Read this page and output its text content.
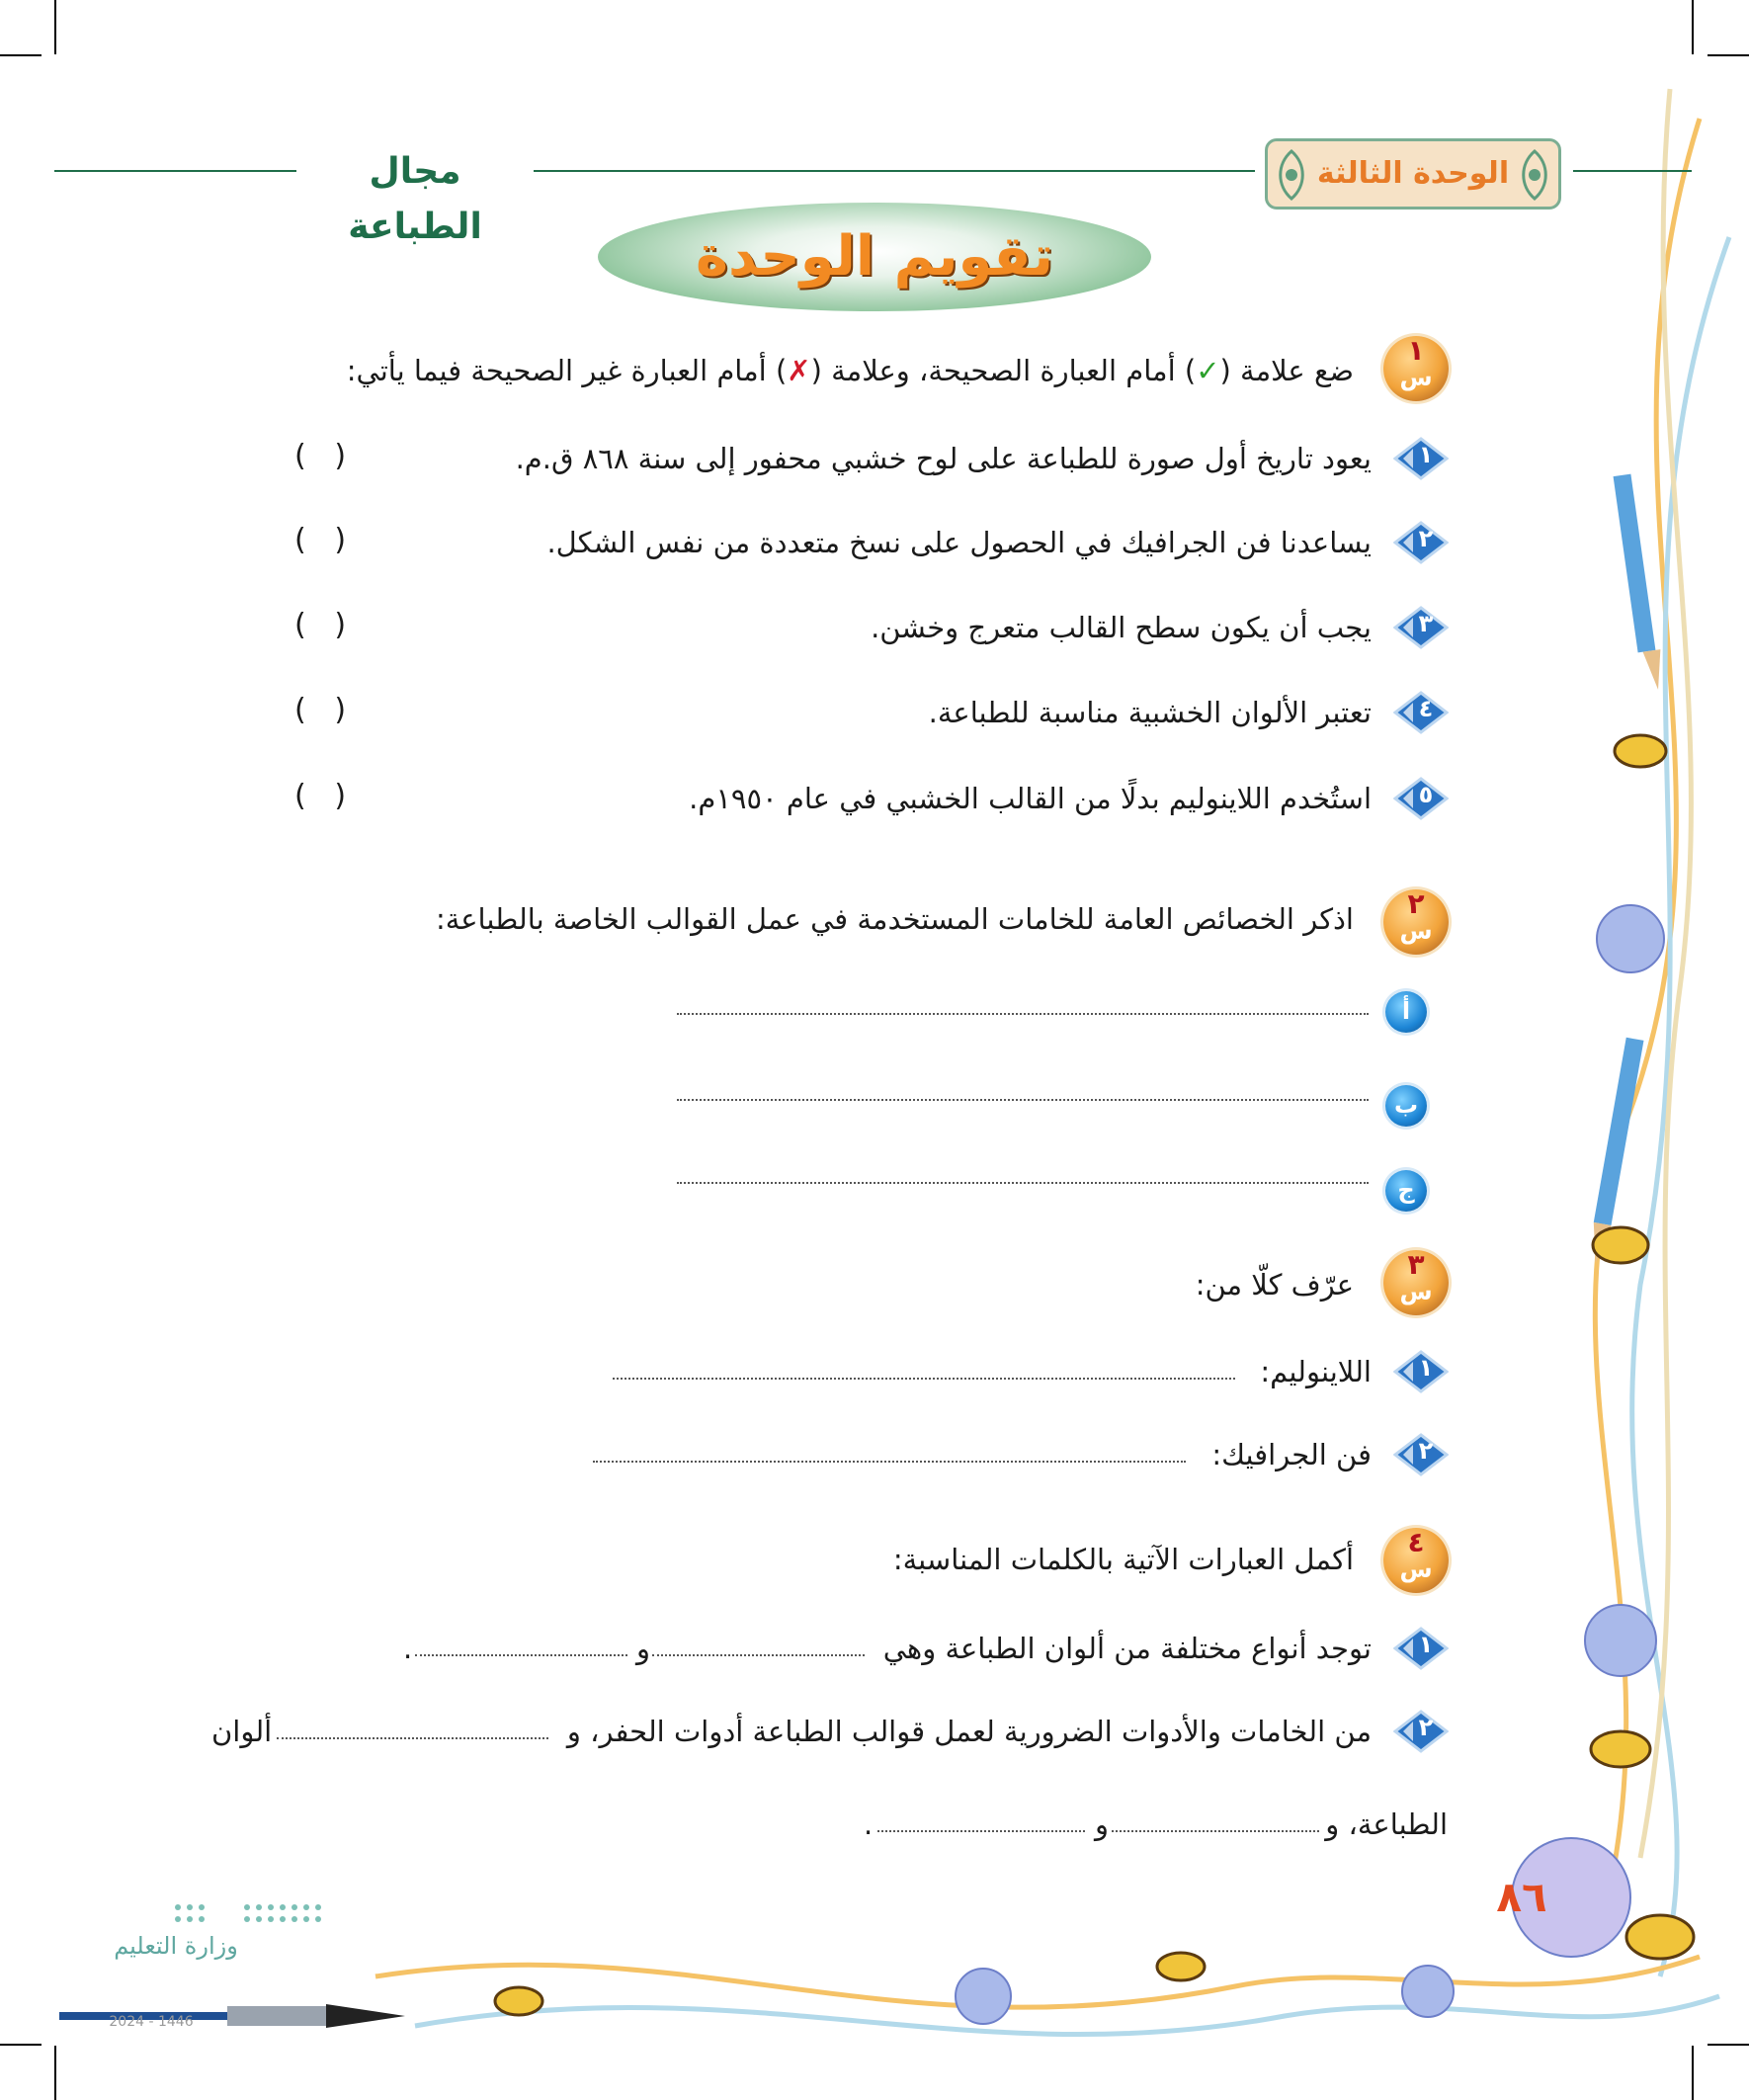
مجال الطباعة
الوحدة الثالثة
تقويم الوحدة
١
س
ضع علامة (✓) أمام العبارة الصحيحة، وعلامة (✗) أمام العبارة غير الصحيحة فيما يأتي:
١
يعود تاريخ أول صورة للطباعة على لوح خشبي محفور إلى سنة ٨٦٨ ق.م.
(   )
٢
يساعدنا فن الجرافيك في الحصول على نسخ متعددة من نفس الشكل.
(   )
٣
يجب أن يكون سطح القالب متعرج وخشن.
(   )
٤
تعتبر الألوان الخشبية مناسبة للطباعة.
(   )
٥
استُخدم اللاينوليم بدلًا من القالب الخشبي في عام ١٩٥٠م.
(   )
٢
س
اذكر الخصائص العامة للخامات المستخدمة في عمل القوالب الخاصة بالطباعة:
أ
ب
ج
٣
س
عرّف كلّا من:
١
اللاينوليم:
٢
فن الجرافيك:
٤
س
أكمل العبارات الآتية بالكلمات المناسبة:
١
توجد أنواع مختلفة من ألوان الطباعة وهي
و
.
٢
من الخامات والأدوات الضرورية لعمل قوالب الطباعة أدوات الحفر، و
ألوان
الطباعة، و
و
.
٨٦
وزارة التعليم
2024 - 1446
